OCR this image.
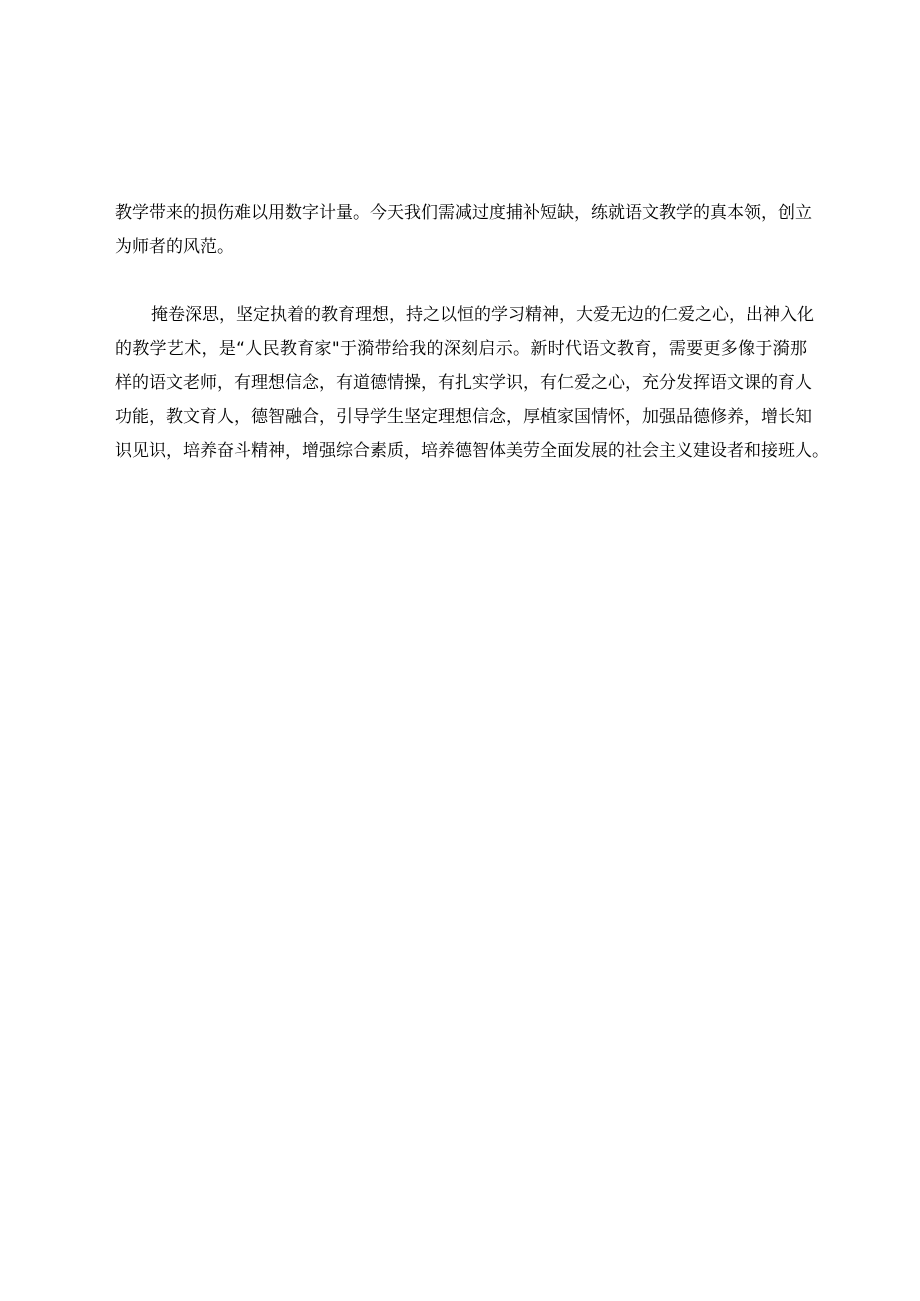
教学带来的损伤难以用数字计量。今天我们需减过度捕补短缺，练就语文教学的真本领，创立
为师者的风范。
掩卷深思，坚定执着的教育理想，持之以恒的学习精神，大爱无边的仁爱之心，出神入化
的教学艺术，是“人民教育家"于漪带给我的深刻启示。新时代语文教育，需要更多像于漪那
样的语文老师，有理想信念，有道德情操，有扎实学识，有仁爱之心，充分发挥语文课的育人
功能，教文育人，德智融合，引导学生坚定理想信念，厚植家国情怀，加强品德修养，增长知
识见识，培养奋斗精神，增强综合素质，培养德智体美劳全面发展的社会主义建设者和接班人。
